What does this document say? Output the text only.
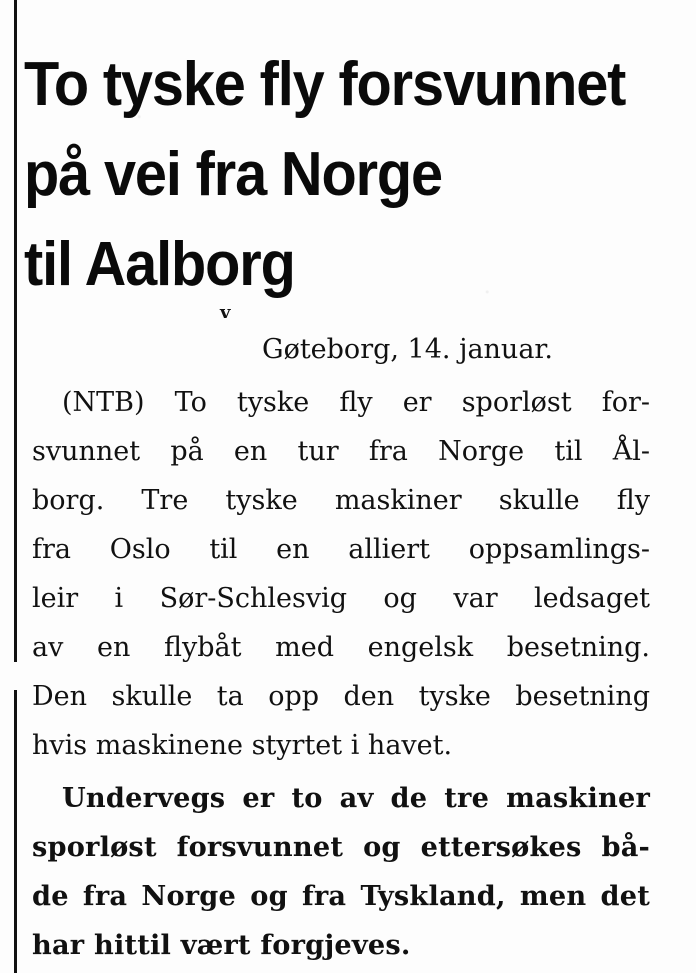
To tyske fly forsvunnet
på vei fra Norge
til Aalborg
v
Gøteborg, 14. januar.
(NTB) To tyske fly er sporløst for-
svunnet på en tur fra Norge til Ål-
borg. Tre tyske maskiner skulle fly
fra Oslo til en alliert oppsamlings-
leir i Sør-Schlesvig og var ledsaget
av en flybåt med engelsk besetning.
Den skulle ta opp den tyske besetning
hvis maskinene styrtet i havet.
Undervegs er to av de tre maskiner
sporløst forsvunnet og ettersøkes bå-
de fra Norge og fra Tyskland, men det
har hittil vært forgjeves.
